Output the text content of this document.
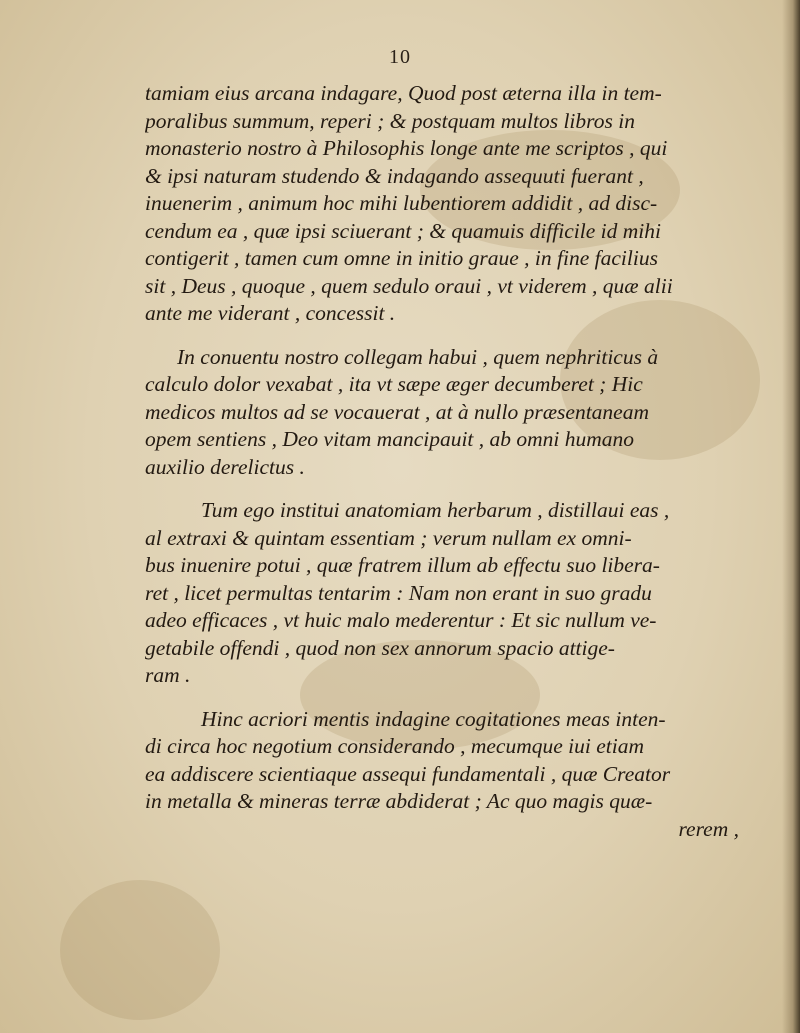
10
tamiam eius arcana indagare, Quod post æterna illa in tem-
poralibus summum, reperi ; & postquam multos libros in
monasterio nostro à Philosophis longe ante me scriptos , qui
& ipsi naturam studendo & indagando assequuti fuerant ,
inuenerim , animum hoc mihi lubentiorem addidit , ad disc-
cendum ea , quæ ipsi sciuerant ; & quamuis difficile id mihi
contigerit , tamen cum omne in initio graue , in fine facilius
sit , Deus , quoque , quem sedulo oraui , vt viderem , quæ alii
ante me viderant , concessit .
In conuentu nostro collegam habui , quem nephriticus à
calculo dolor vexabat , ita vt sæpe æger decumberet ; Hic
medicos multos ad se vocauerat , at à nullo præsentaneam
opem sentiens , Deo vitam mancipauit , ab omni humano
auxilio derelictus .
Tum ego institui anatomiam herbarum , distillaui eas ,
al extraxi & quintam essentiam ; verum nullam ex omni-
bus inuenire potui , quæ fratrem illum ab effectu suo libera-
ret , licet permultas tentarim : Nam non erant in suo gradu
adeo efficaces , vt huic malo mederentur : Et sic nullum ve-
getabile offendi , quod non sex annorum spacio attige-
ram .
Hinc acriori mentis indagine cogitationes meas inten-
di circa hoc negotium considerando , mecumque iui etiam
ea addiscere scientiaque assequi fundamentali , quæ Creator
in metalla & mineras terræ abdiderat ; Ac quo magis quæ-
rerem ,
